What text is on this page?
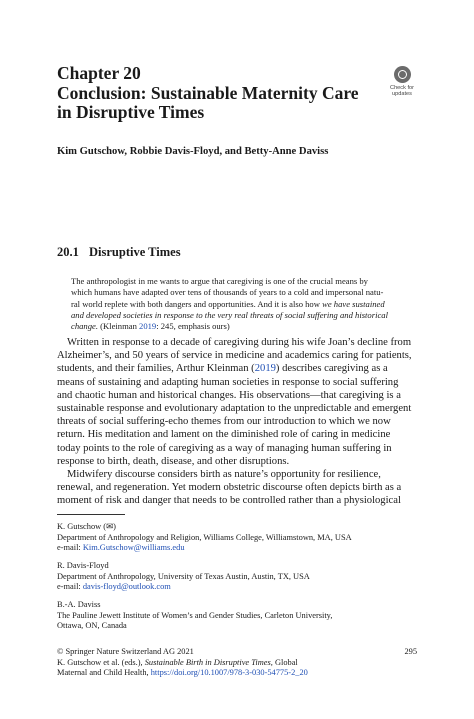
Chapter 20
Conclusion: Sustainable Maternity Care
in Disruptive Times
Check for
updates

Kim Gutschow, Robbie Davis-Floyd, and Betty-Anne Daviss

20.1 Disruptive Times

The anthropologist in me wants to argue that caregiving is one of the crucial means by
which humans have adapted over tens of thousands of years to a cold and impersonal natu-
ral world replete with both dangers and opportunities. And it is also how we have sustained
and developed societies in response to the very real threats of social suffering and historical
change. (Kleinman 2019: 245, emphasis ours)
Written in response to a decade of caregiving during his wife Joan’s decline from
Alzheimer’s, and 50 years of service in medicine and academics caring for patients,
students, and their families, Arthur Kleinman (2019) describes caregiving as a
means of sustaining and adapting human societies in response to social suffering
and chaotic human and historical changes. His observations—that caregiving is a
sustainable response and evolutionary adaptation to the unpredictable and emergent
threats of social suffering-echo themes from our introduction to which we now
return. His meditation and lament on the diminished role of caring in medicine
today points to the role of caregiving as a way of managing human suffering in
response to birth, death, disease, and other disruptions.
Midwifery discourse considers birth as nature’s opportunity for resilience,
renewal, and regeneration. Yet modern obstetric discourse often depicts birth as a
moment of risk and danger that needs to be controlled rather than a physiological
K. Gutschow (✉)
Department of Anthropology and Religion, Williams College, Williamstown, MA, USA
e-mail: Kim.Gutschow@williams.edu
R. Davis-Floyd
Department of Anthropology, University of Texas Austin, Austin, TX, USA
e-mail: davis-floyd@outlook.com
B.-A. Daviss
The Pauline Jewett Institute of Women’s and Gender Studies, Carleton University,
Ottawa, ON, Canada
295
© Springer Nature Switzerland AG 2021
K. Gutschow et al. (eds.), Sustainable Birth in Disruptive Times, Global
Maternal and Child Health, https://doi.org/10.1007/978-3-030-54775-2_20
